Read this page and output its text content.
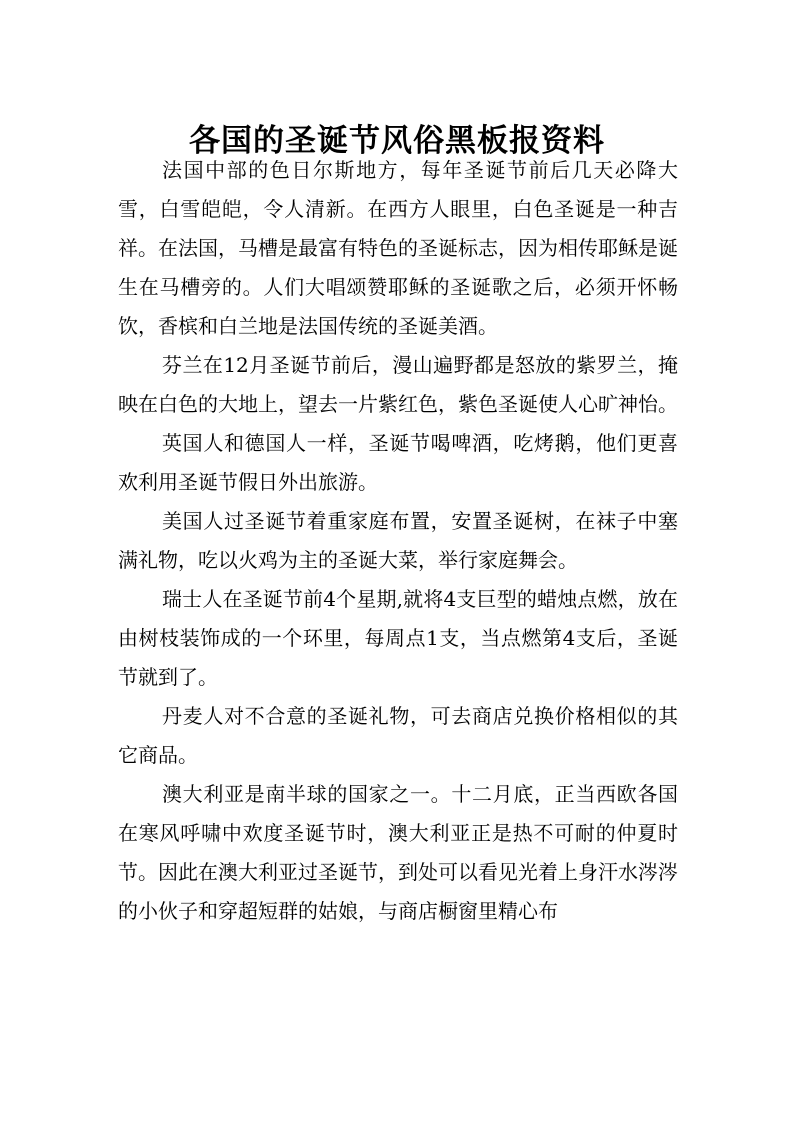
各国的圣诞节风俗黑板报资料

法国中部的色日尔斯地方，每年圣诞节前后几天必降大雪，白雪皑皑，令人清新。在西方人眼里，白色圣诞是一种吉祥。在法国，马槽是最富有特色的圣诞标志，因为相传耶稣是诞生在马槽旁的。人们大唱颂赞耶稣的圣诞歌之后，必须开怀畅饮，香槟和白兰地是法国传统的圣诞美酒。

芬兰在12月圣诞节前后，漫山遍野都是怒放的紫罗兰，掩映在白色的大地上，望去一片紫红色，紫色圣诞使人心旷神怡。

英国人和德国人一样，圣诞节喝啤酒，吃烤鹅，他们更喜欢利用圣诞节假日外出旅游。

美国人过圣诞节着重家庭布置，安置圣诞树，在袜子中塞满礼物，吃以火鸡为主的圣诞大菜，举行家庭舞会。

瑞士人在圣诞节前4个星期,就将4支巨型的蜡烛点燃，放在由树枝装饰成的一个环里，每周点1支，当点燃第4支后，圣诞节就到了。

丹麦人对不合意的圣诞礼物，可去商店兑换价格相似的其它商品。

澳大利亚是南半球的国家之一。十二月底，正当西欧各国在寒风呼啸中欢度圣诞节时，澳大利亚正是热不可耐的仲夏时节。因此在澳大利亚过圣诞节，到处可以看见光着上身汗水涔涔的小伙子和穿超短群的姑娘，与商店橱窗里精心布
